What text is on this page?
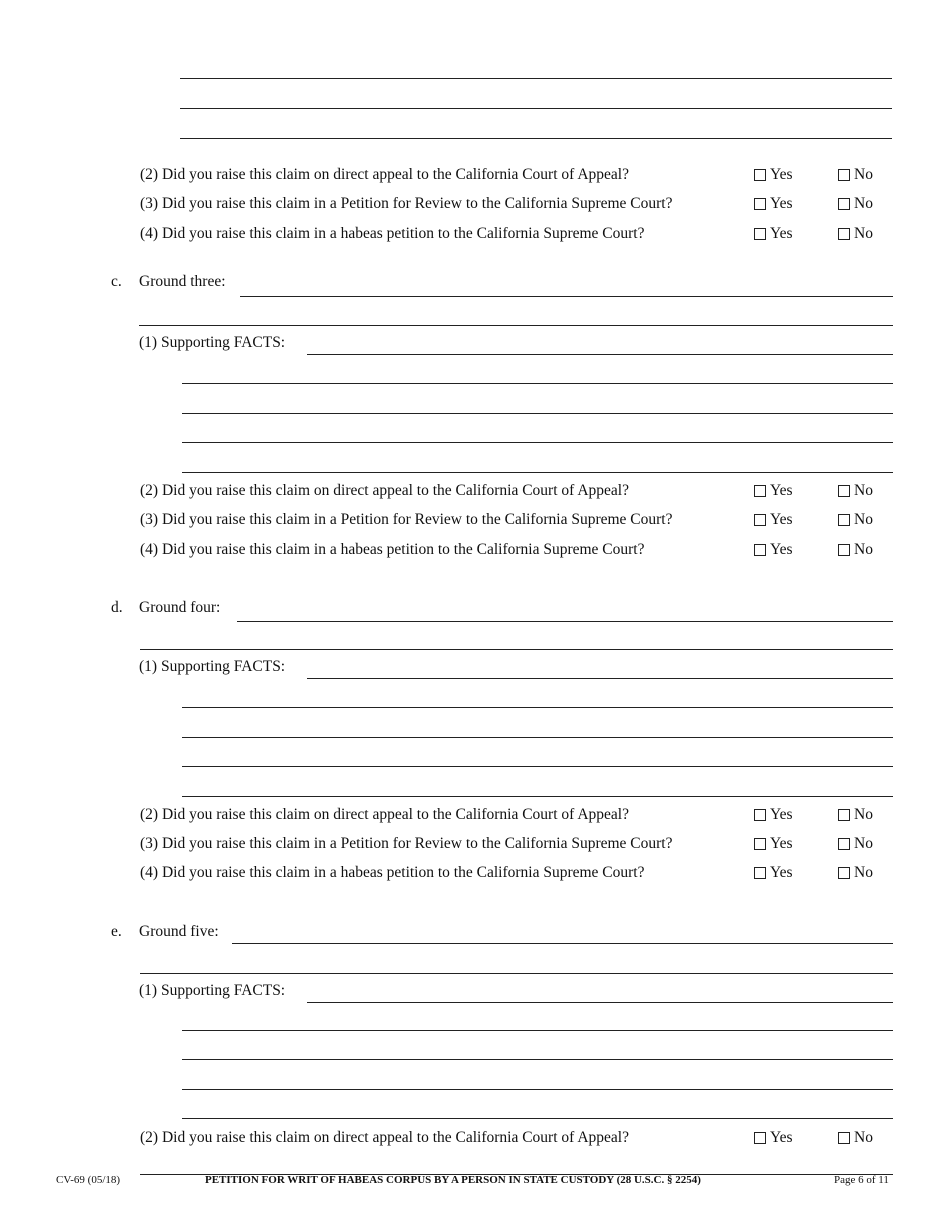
(2) Did you raise this claim on direct appeal to the California Court of Appeal?	Yes	No
(3) Did you raise this claim in a Petition for Review to the California Supreme Court?	Yes	No
(4) Did you raise this claim in a habeas petition to the California Supreme Court?	Yes	No
c. Ground three:
(1) Supporting FACTS:
(2) Did you raise this claim on direct appeal to the California Court of Appeal?	Yes	No
(3) Did you raise this claim in a Petition for Review to the California Supreme Court?	Yes	No
(4) Did you raise this claim in a habeas petition to the California Supreme Court?	Yes	No
d. Ground four:
(1) Supporting FACTS:
(2) Did you raise this claim on direct appeal to the California Court of Appeal?	Yes	No
(3) Did you raise this claim in a Petition for Review to the California Supreme Court?	Yes	No
(4) Did you raise this claim in a habeas petition to the California Supreme Court?	Yes	No
e. Ground five:
(1) Supporting FACTS:
(2) Did you raise this claim on direct appeal to the California Court of Appeal?	Yes	No
CV-69 (05/18)	PETITION FOR WRIT OF HABEAS CORPUS BY A PERSON IN STATE CUSTODY (28 U.S.C. § 2254)	Page 6 of 11
